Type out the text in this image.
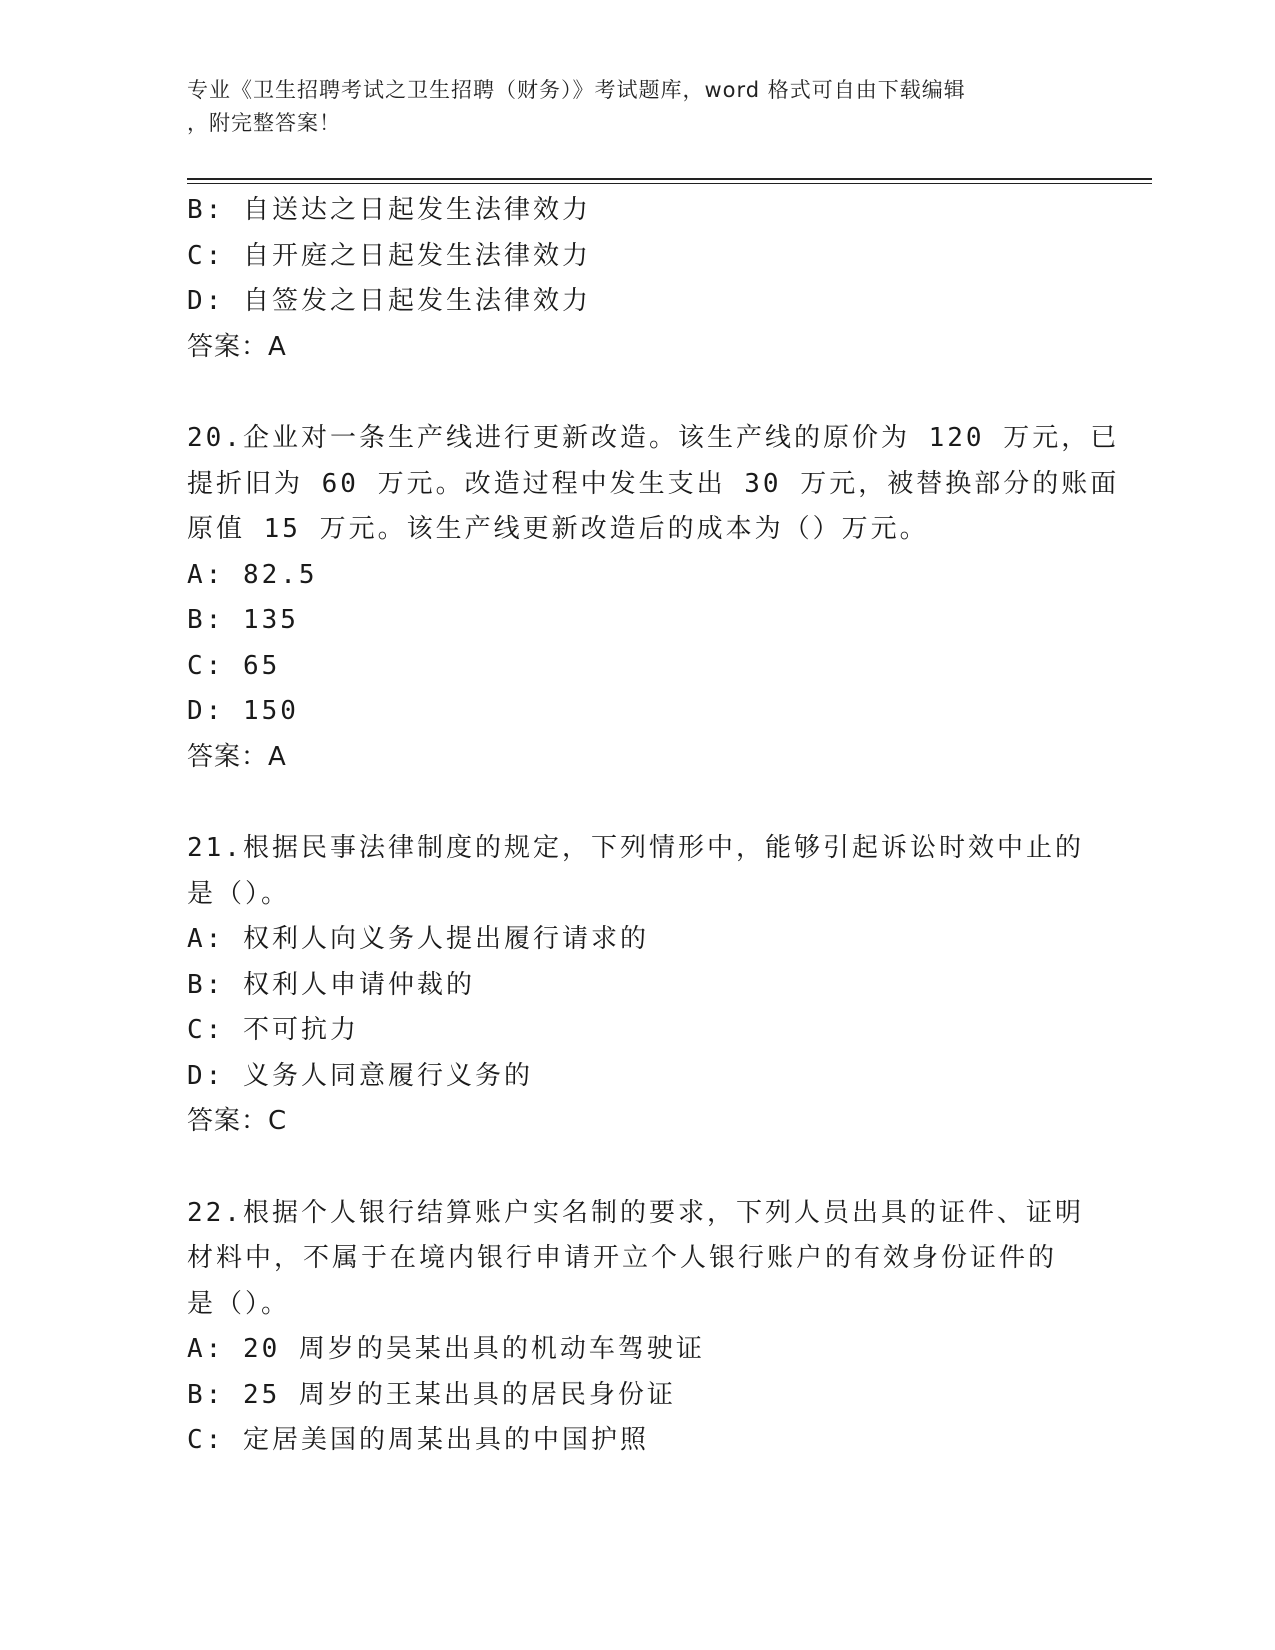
专业《卫生招聘考试之卫生招聘（财务）》考试题库，word 格式可自由下载编辑
，附完整答案！
B: 自送达之日起发生法律效力
C: 自开庭之日起发生法律效力
D: 自签发之日起发生法律效力
答案：A
20.企业对一条生产线进行更新改造。该生产线的原价为 120 万元，已
提折旧为 60 万元。改造过程中发生支出 30 万元，被替换部分的账面
原值 15 万元。该生产线更新改造后的成本为（）万元。
A: 82.5
B: 135
C: 65
D: 150
答案：A
21.根据民事法律制度的规定，下列情形中，能够引起诉讼时效中止的
是（）。
A: 权利人向义务人提出履行请求的
B: 权利人申请仲裁的
C: 不可抗力
D: 义务人同意履行义务的
答案：C
22.根据个人银行结算账户实名制的要求，下列人员出具的证件、证明
材料中，不属于在境内银行申请开立个人银行账户的有效身份证件的
是（）。
A: 20 周岁的吴某出具的机动车驾驶证
B: 25 周岁的王某出具的居民身份证
C: 定居美国的周某出具的中国护照
